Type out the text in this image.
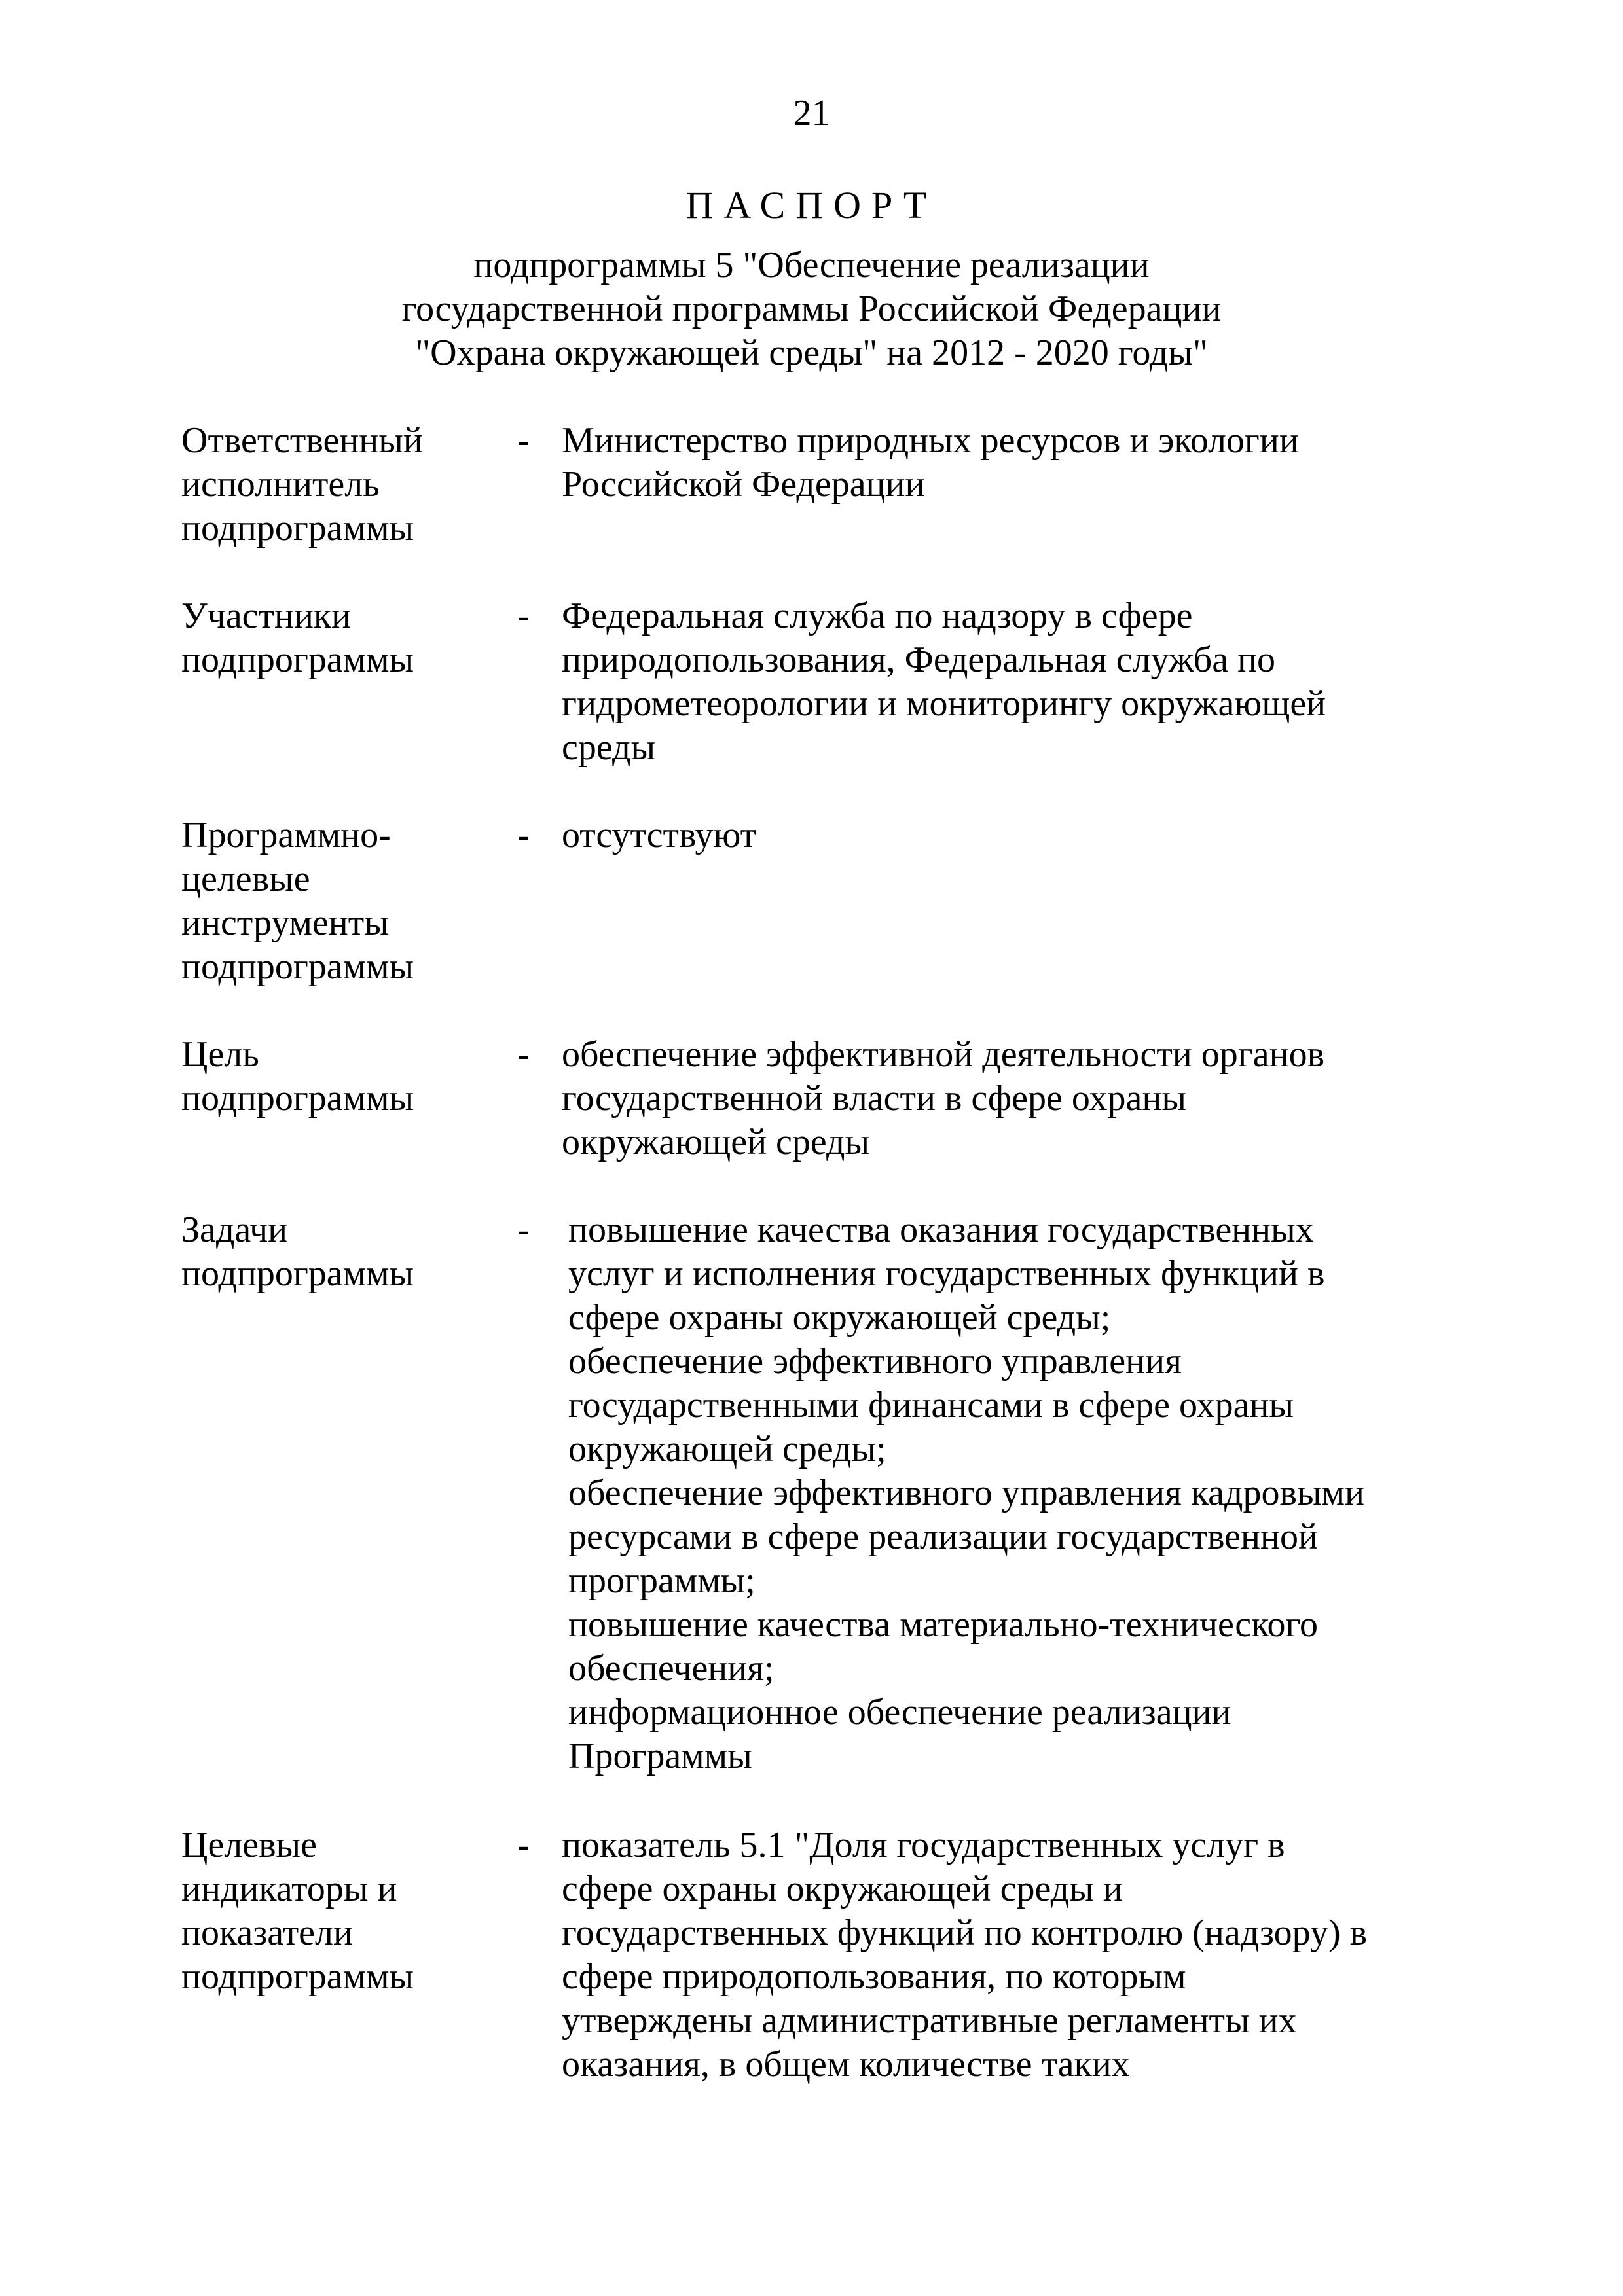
21
ПАСПОРТ
подпрограммы 5 "Обеспечение реализации
государственной программы Российской Федерации
"Охрана окружающей среды" на 2012 - 2020 годы"
Ответственный
исполнитель
подпрограммы
- Министерство природных ресурсов и экологии
Российской Федерации
Участники
подпрограммы
- Федеральная служба по надзору в сфере
природопользования, Федеральная служба по
гидрометеорологии и мониторингу окружающей
среды
Программно-
целевые
инструменты
подпрограммы
- отсутствуют
Цель
подпрограммы
- обеспечение эффективной деятельности органов
государственной власти в сфере охраны
окружающей среды
Задачи
подпрограммы
- повышение качества оказания государственных
услуг и исполнения государственных функций в
сфере охраны окружающей среды;
обеспечение эффективного управления
государственными финансами в сфере охраны
окружающей среды;
обеспечение эффективного управления кадровыми
ресурсами в сфере реализации государственной
программы;
повышение качества материально-технического
обеспечения;
информационное обеспечение реализации
Программы
Целевые
индикаторы и
показатели
подпрограммы
- показатель 5.1 "Доля государственных услуг в
сфере охраны окружающей среды и
государственных функций по контролю (надзору) в
сфере природопользования, по которым
утверждены административные регламенты их
оказания, в общем количестве таких
